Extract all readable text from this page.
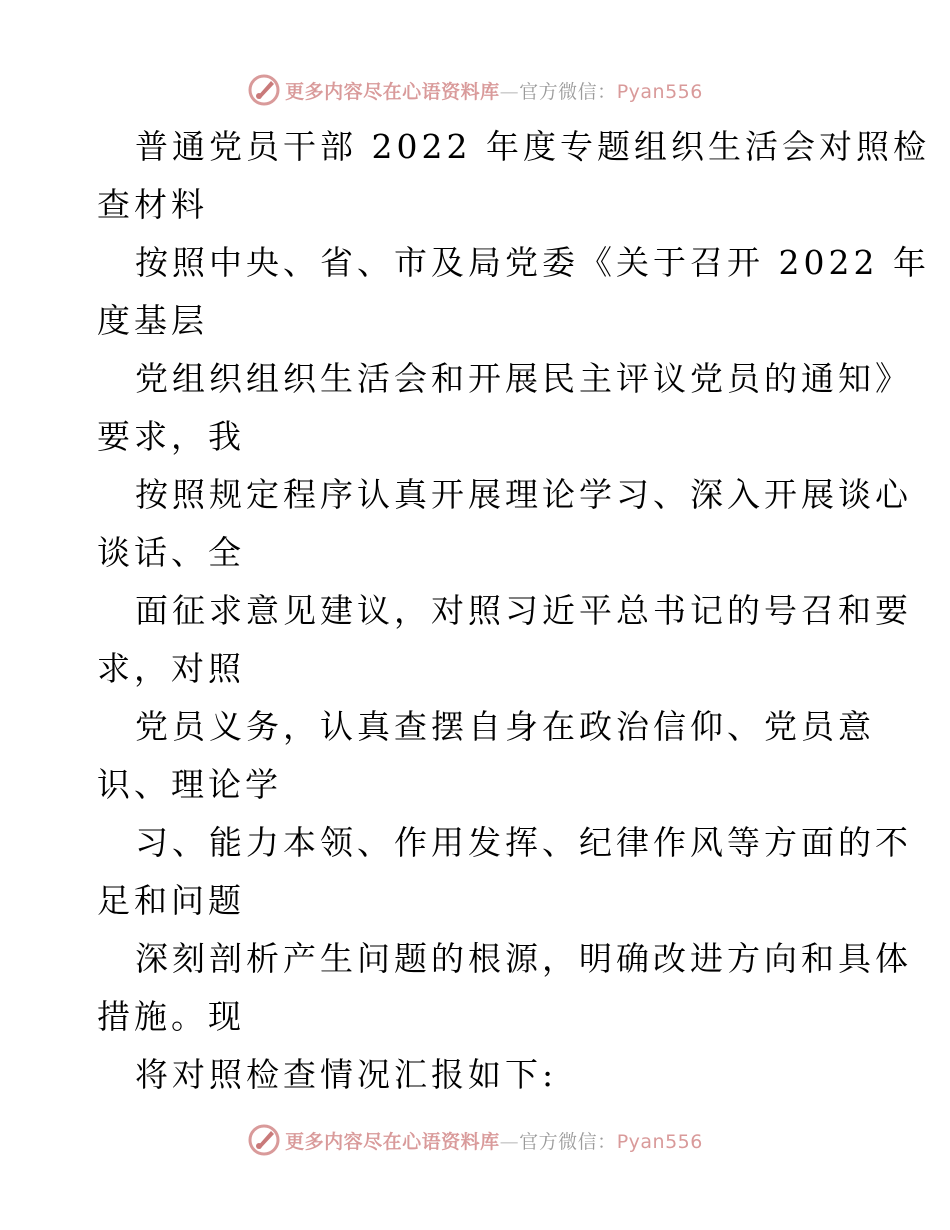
更多内容尽在心语资料库—官方微信：Pyan556
普通党员干部 2022 年度专题组织生活会对照检
查材料
按照中央、省、市及局党委《关于召开 2022 年
度基层
党组织组织生活会和开展民主评议党员的通知》
要求，我
按照规定程序认真开展理论学习、深入开展谈心
谈话、全
面征求意见建议，对照习近平总书记的号召和要
求，对照
党员义务，认真查摆自身在政治信仰、党员意
识、理论学
习、能力本领、作用发挥、纪律作风等方面的不
足和问题
深刻剖析产生问题的根源，明确改进方向和具体
措施。现
将对照检查情况汇报如下:
更多内容尽在心语资料库—官方微信：Pyan556
